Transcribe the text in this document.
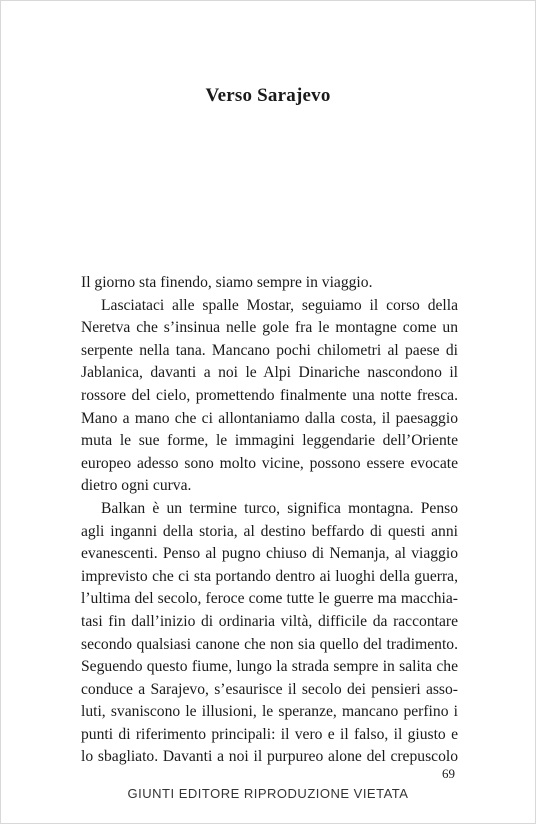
Verso Sarajevo

Il giorno sta finendo, siamo sempre in viaggio.

Lasciataci alle spalle Mostar, seguiamo il corso della
Neretva che s’insinua nelle gole fra le montagne come un
serpente nella tana. Mancano pochi chilometri al paese di
Jablanica, davanti a noi le Alpi Dinariche nascondono il
rossore del cielo, promettendo finalmente una notte fresca.
Mano a mano che ci allontaniamo dalla costa, il paesaggio
muta le sue forme, le immagini leggendarie dell’Oriente
europeo adesso sono molto vicine, possono essere evocate
dietro ogni curva.

Balkan è un termine turco, significa montagna. Penso
agli inganni della storia, al destino beffardo di questi anni
evanescenti. Penso al pugno chiuso di Nemanja, al viaggio
imprevisto che ci sta portando dentro ai luoghi della guerra,
l’ultima del secolo, feroce come tutte le guerre ma macchia-
tasi fin dall’inizio di ordinaria viltà, difficile da raccontare
secondo qualsiasi canone che non sia quello del tradimento.
Seguendo questo fiume, lungo la strada sempre in salita che
conduce a Sarajevo, s’esaurisce il secolo dei pensieri asso-
luti, svaniscono le illusioni, le speranze, mancano perfino i
punti di riferimento principali: il vero e il falso, il giusto e
lo sbagliato. Davanti a noi il purpureo alone del crepuscolo

69
GIUNTI EDITORE RIPRODUZIONE VIETATA
